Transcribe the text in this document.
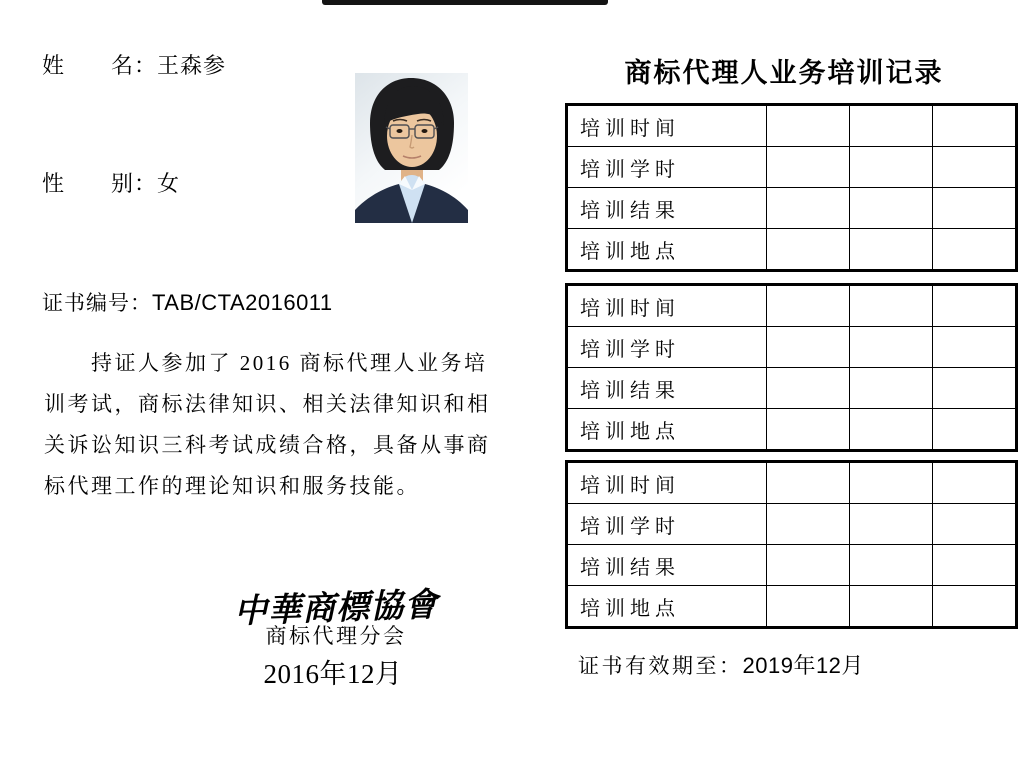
姓　　名：王森参
性　　别：女
证书编号：TAB/CTA2016011
持证人参加了 2016 商标代理人业务培
训考试，商标法律知识、相关法律知识和相
关诉讼知识三科考试成绩合格，具备从事商
标代理工作的理论知识和服务技能。
中華商標協會
商标代理分会
2016年12月
商标代理人业务培训记录
培训时间			
培训学时			
培训结果			
培训地点			
培训时间			
培训学时			
培训结果			
培训地点			
培训时间			
培训学时			
培训结果			
培训地点			
证书有效期至：2019年12月
